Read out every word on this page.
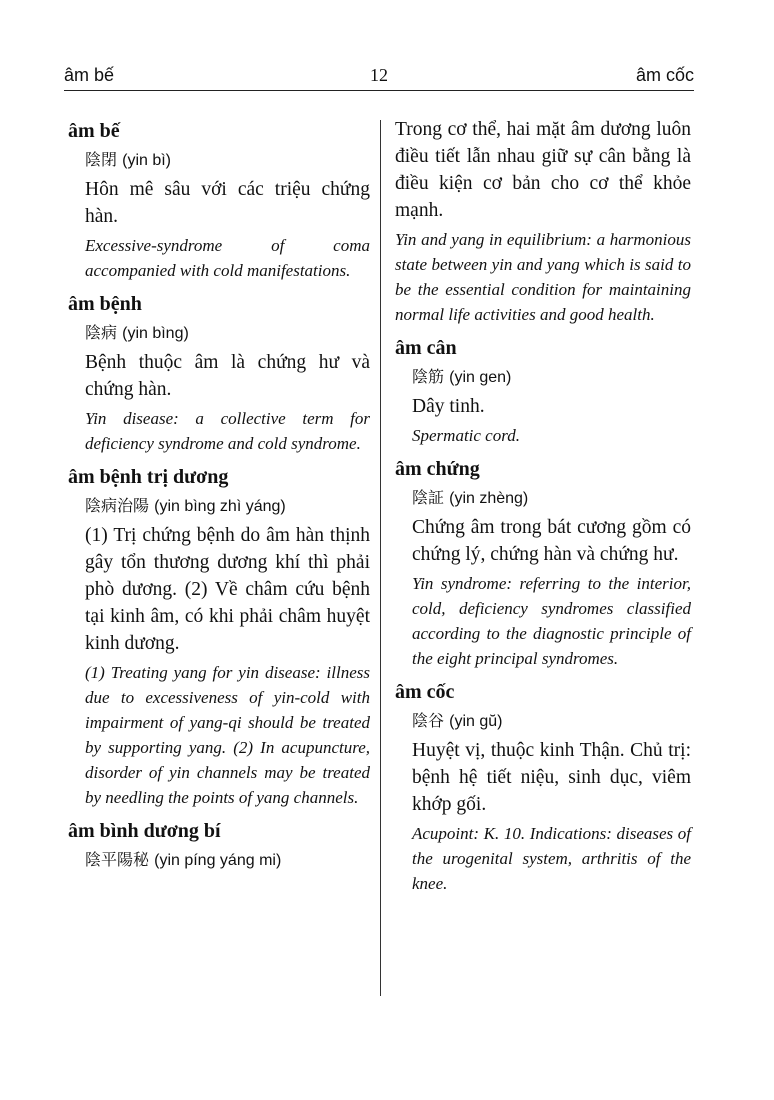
âm bế	12	âm cốc
âm bế
陰閉 (yin bì)

Hôn mê sâu với các triệu chứng hàn.

Excessive-syndrome of coma accompanied with cold manifestations.

âm bệnh
陰病 (yin bìng)

Bệnh thuộc âm là chứng hư và chứng hàn.

Yin disease: a collective term for deficiency syndrome and cold syndrome.

âm bệnh trị dương
陰病治陽 (yin bìng zhì yáng)

(1) Trị chứng bệnh do âm hàn thịnh gây tổn thương dương khí thì phải phò dương. (2) Về châm cứu bệnh tại kinh âm, có khi phải châm huyệt kinh dương.

(1) Treating yang for yin disease: illness due to excessiveness of yin-cold with impairment of yang-qi should be treated by supporting yang. (2) In acupuncture, disorder of yin channels may be treated by needling the points of yang channels.

âm bình dương bí
陰平陽秘 (yin píng yáng mi)

Trong cơ thể, hai mặt âm dương luôn điều tiết lẫn nhau giữ sự cân bằng là điều kiện cơ bản cho cơ thể khỏe mạnh.

Yin and yang in equilibrium: a harmonious state between yin and yang which is said to be the essential condition for maintaining normal life activities and good health.

âm cân
陰筋 (yin gen)

Dây tinh.

Spermatic cord.

âm chứng
陰証 (yin zhèng)

Chứng âm trong bát cương gồm có chứng lý, chứng hàn và chứng hư.

Yin syndrome: referring to the interior, cold, deficiency syndromes classified according to the diagnostic principle of the eight principal syndromes.

âm cốc
陰谷 (yin gŭ)

Huyệt vị, thuộc kinh Thận. Chủ trị: bệnh hệ tiết niệu, sinh dục, viêm khớp gối.

Acupoint: K. 10. Indications: diseases of the urogenital system, arthritis of the knee.
